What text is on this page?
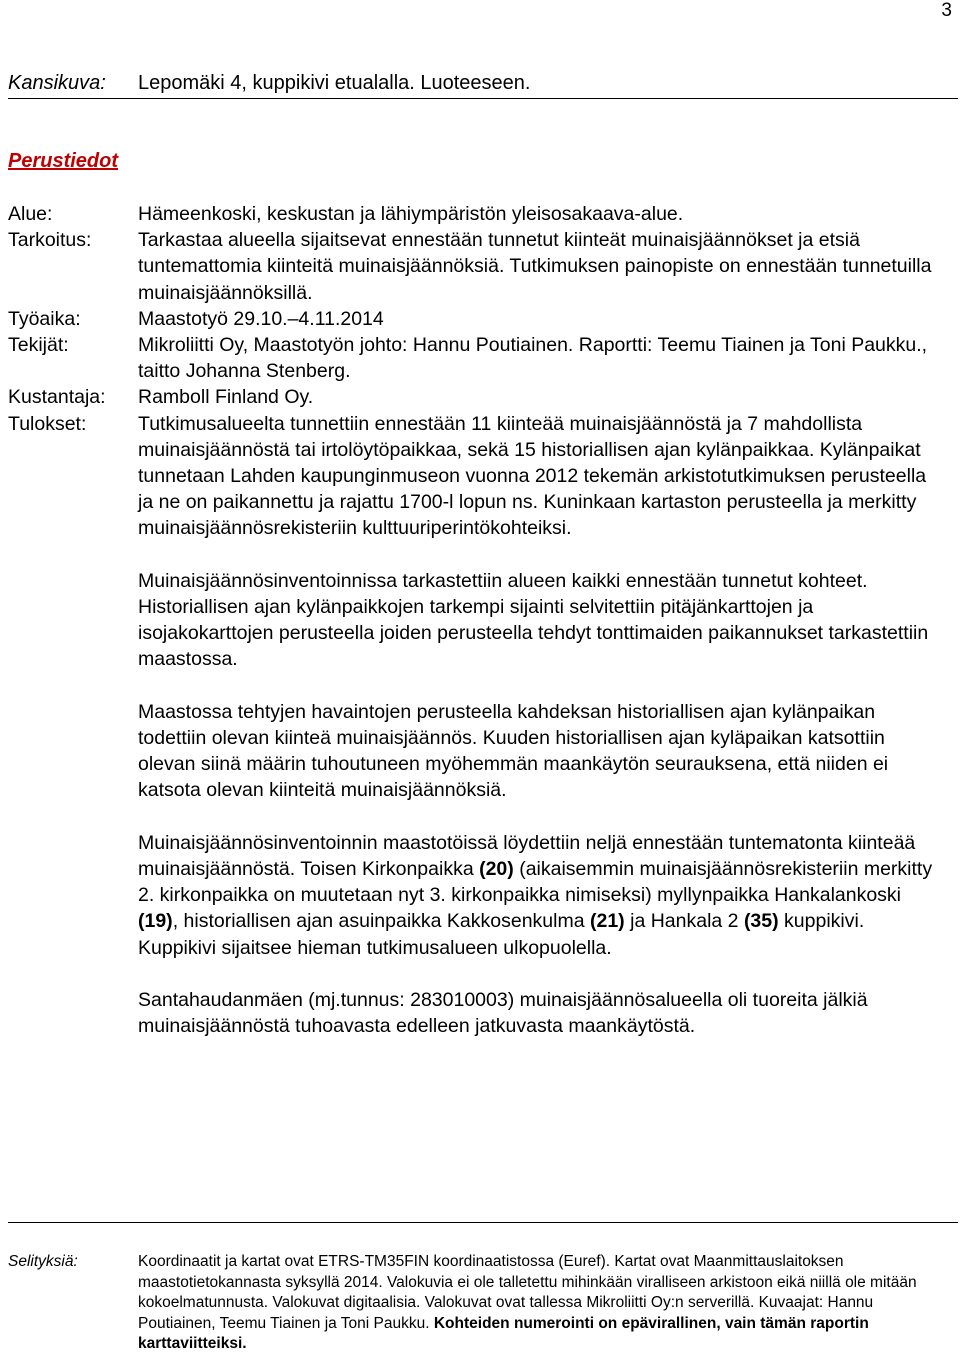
3
Kansikuva: Lepomäki 4, kuppikivi etualalla. Luoteeseen.
Perustiedot
Alue:	Hämeenkoski, keskustan ja lähiympäristön yleisosakaava-alue.
Tarkoitus:	Tarkastaa alueella sijaitsevat ennestään tunnetut kiinteät muinaisjäännökset ja etsiä tuntemattomia kiinteitä muinaisjäännöksiä. Tutkimuksen painopiste on ennestään tunnetuilla muinaisjäännöksillä.
Työaika:	Maastotyö 29.10.–4.11.2014
Tekijät:	Mikroliitti Oy, Maastotyön johto: Hannu Poutiainen. Raportti: Teemu Tiainen ja Toni Paukku., taitto Johanna Stenberg.
Kustantaja:	Ramboll Finland Oy.
Tulokset:	Tutkimusalueelta tunnettiin ennestään 11 kiinteää muinaisjäännöstä ja 7 mahdollista muinaisjäännöstä tai irtolöytöpaikkaa, sekä 15 historiallisen ajan kylänpaikkaa. Kylänpaikat tunnetaan Lahden kaupunginmuseon vuonna 2012 tekemän arkistotutkimuksen perusteella ja ne on paikannettu ja rajattu 1700-l lopun ns. Kuninkaan kartaston perusteella ja merkitty muinaisjäännösrekisteriin kulttuuriperintökohteiksi.

Muinaisjäännösinventoinnissa tarkastettiin alueen kaikki ennestään tunnetut kohteet. Historiallisen ajan kylänpaikkojen tarkempi sijainti selvitettiin pitäjänkarttojen ja isojakokarttojen perusteella joiden perusteella tehdyt tonttimaiden paikannukset tarkastettiin maastossa.

Maastossa tehtyjen havaintojen perusteella kahdeksan historiallisen ajan kylänpaikan todettiin olevan kiinteä muinaisjäännös. Kuuden historiallisen ajan kyläpaikan katsottiin olevan siinä määrin tuhoutuneen myöhemmän maankäytön seurauksena, että niiden ei katsota olevan kiinteitä muinaisjäännöksiä.

Muinaisjäännösinventoinnin maastotöissä löydettiin neljä ennestään tuntematonta kiinteää muinaisjäännöstä. Toisen Kirkonpaikka (20) (aikaisemmin muinaisjäännösrekisteriin merkitty 2. kirkonpaikka on muutetaan nyt 3. kirkonpaikka nimiseksi) myllynpaikka Hankalankoski (19), historiallisen ajan asuinpaikka Kakkosenkulma (21) ja Hankala 2 (35) kuppikivi. Kuppikivi sijaitsee hieman tutkimusalueen ulkopuolella.

Santahaudanmäen (mj.tunnus: 283010003) muinaisjäännösalueella oli tuoreita jälkiä muinaisjäännöstä tuhoavasta edelleen jatkuvasta maankäytöstä.

Selityksiä:	Koordinaatit ja kartat ovat ETRS-TM35FIN koordinaatistossa (Euref). Kartat ovat Maanmittauslaitoksen maastotietokannasta syksyllä 2014. Valokuvia ei ole talletettu mihinkään viralliseen arkistoon eikä niillä ole mitään kokoelmatunnusta. Valokuvat digitaalisia. Valokuvat ovat tallessa Mikroliitti Oy:n serverillä. Kuvaajat: Hannu Poutiainen, Teemu Tiainen ja Toni Paukku. Kohteiden numerointi on epävirallinen, vain tämän raportin karttaviitteiksi.
